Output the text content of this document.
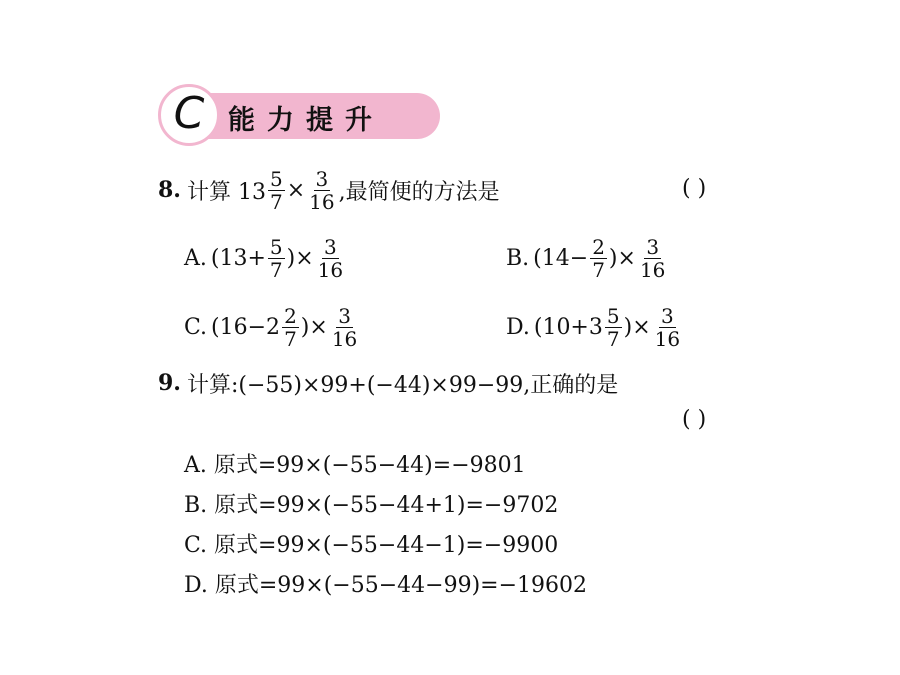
C 能力提升
8. 计算 $13 \frac{5}{7} \times \frac{3}{16}$ ,最简便的方法是	( )
A. ($13+ \frac{5}{7}$ )× $\frac{3}{16}$	B. ($14- \frac{2}{7}$ )× $\frac{3}{16}$
C. ($16-2 \frac{2}{7}$ )× $\frac{3}{16}$	D. ($10+3 \frac{5}{7}$ )× $\frac{3}{16}$
9. 计算:(−55)×99+(−44)×99−99,正确的是
( )
A. 原式=99×(−55−44)=−9801
B. 原式=99×(−55−44+1)=−9702
C. 原式=99×(−55−44−1)=−9900
D. 原式=99×(−55−44−99)=−19602
